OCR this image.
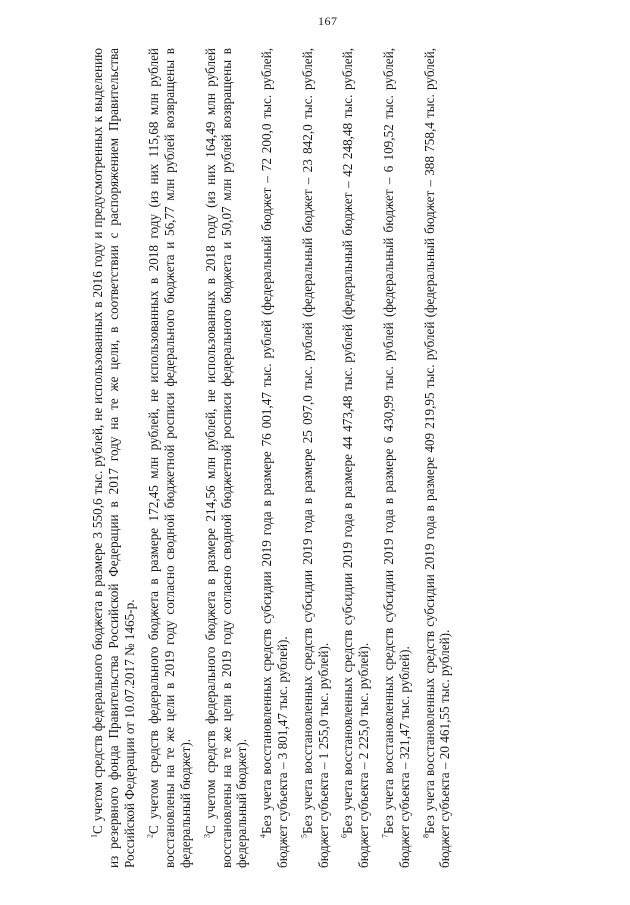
167

$^1$С учетом средств федерального бюджета в размере 3 550,6 тыс. рублей, не использованных в 2016 году и предусмотренных к выделению из резервного фонда Правительства Российской Федерации в 2017 году на те же цели, в соответствии с распоряжением Правительства Российской Федерации от 10.07.2017 № 1465-р. $^2$С учетом средств федерального бюджета в размере 172,45 млн рублей, не использованных в 2018 году (из них 115,68 млн рублей восстановлены на те же цели в 2019 году согласно сводной бюджетной росписи федерального бюджета и 56,77 млн рублей возвращены в федеральный бюджет). $^3$С учетом средств федерального бюджета в размере 214,56 млн рублей, не использованных в 2018 году (из них 164,49 млн рублей восстановлены на те же цели в 2019 году согласно сводной бюджетной росписи федерального бюджета и 50,07 млн рублей возвращены в федеральный бюджет). $^4$Без учета восстановленных средств субсидии 2019 года в размере 76 001,47 тыс. рублей (федеральный бюджет – 72 200,0 тыс. рублей, бюджет субъекта – 3 801,47 тыс. рублей). $^5$Без учета восстановленных средств субсидии 2019 года в размере 25 097,0 тыс. рублей (федеральный бюджет – 23 842,0 тыс. рублей, бюджет субъекта – 1 255,0 тыс. рублей). $^6$Без учета восстановленных средств субсидии 2019 года в размере 44 473,48 тыс. рублей (федеральный бюджет – 42 248,48 тыс. рублей, бюджет субъекта – 2 225,0 тыс. рублей). $^7$Без учета восстановленных средств субсидии 2019 года в размере 6 430,99 тыс. рублей (федеральный бюджет – 6 109,52 тыс. рублей, бюджет субъекта – 321,47 тыс. рублей). $^8$Без учета восстановленных средств субсидии 2019 года в размере 409 219,95 тыс. рублей (федеральный бюджет – 388 758,4 тыс. рублей, бюджет субъекта – 20 461,55 тыс. рублей).
